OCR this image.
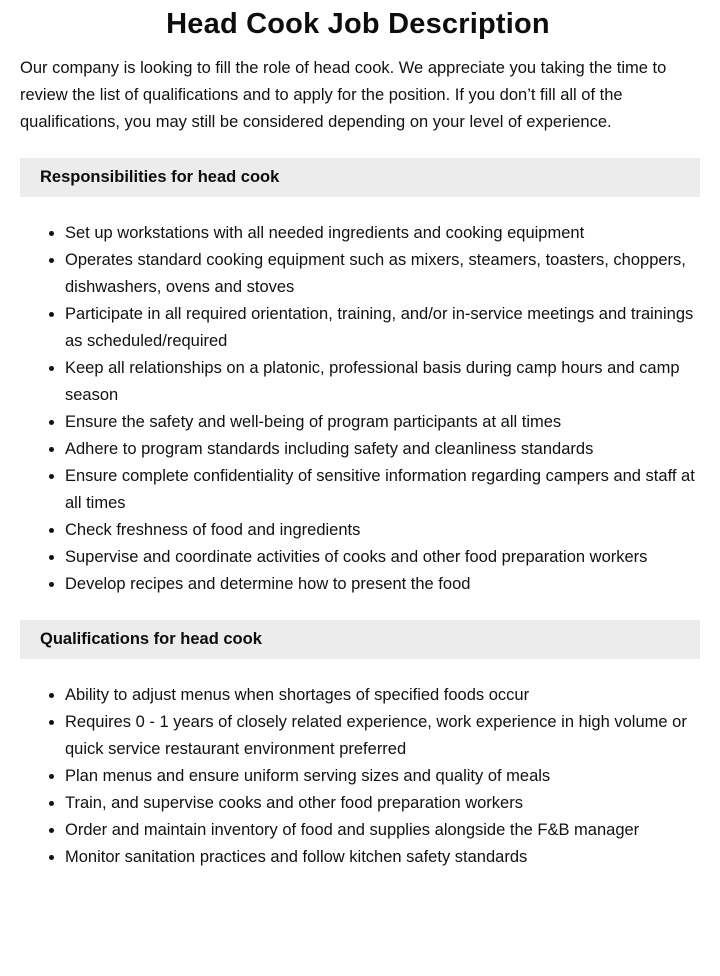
Head Cook Job Description

Our company is looking to fill the role of head cook. We appreciate you taking the time to review the list of qualifications and to apply for the position. If you don’t fill all of the qualifications, you may still be considered depending on your level of experience.

Responsibilities for head cook
Set up workstations with all needed ingredients and cooking equipment
Operates standard cooking equipment such as mixers, steamers, toasters, choppers, dishwashers, ovens and stoves
Participate in all required orientation, training, and/or in-service meetings and trainings as scheduled/required
Keep all relationships on a platonic, professional basis during camp hours and camp season
Ensure the safety and well-being of program participants at all times
Adhere to program standards including safety and cleanliness standards
Ensure complete confidentiality of sensitive information regarding campers and staff at all times
Check freshness of food and ingredients
Supervise and coordinate activities of cooks and other food preparation workers
Develop recipes and determine how to present the food
Qualifications for head cook
Ability to adjust menus when shortages of specified foods occur
Requires 0 - 1 years of closely related experience, work experience in high volume or quick service restaurant environment preferred
Plan menus and ensure uniform serving sizes and quality of meals
Train, and supervise cooks and other food preparation workers
Order and maintain inventory of food and supplies alongside the F&B manager
Monitor sanitation practices and follow kitchen safety standards
